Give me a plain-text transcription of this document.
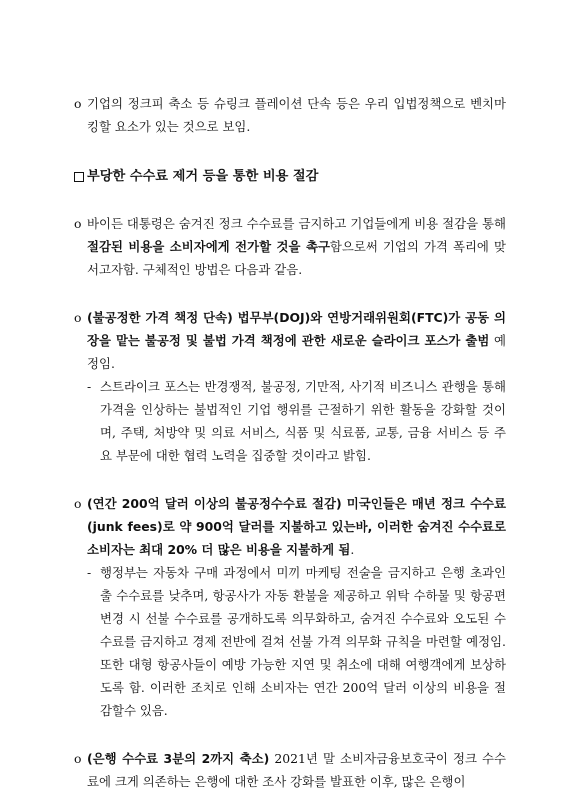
o 기업의 정크피 축소 등 슈링크 플레이션 단속 등은 우리 입법정책으로 벤치마킹할 요소가 있는 것으로 보임.

부당한 수수료 제거 등을 통한 비용 절감

o 바이든 대통령은 숨겨진 정크 수수료를 금지하고 기업들에게 비용 절감을 통해 절감된 비용을 소비자에게 전가할 것을 촉구함으로써 기업의 가격 폭리에 맞서고자함. 구체적인 방법은 다음과 같음.

o (불공정한 가격 책정 단속) 법무부(DOJ)와 연방거래위원회(FTC)가 공동 의장을 맡는 불공정 및 불법 가격 책정에 관한 새로운 슬라이크 포스가 출범 예정임.

- 스트라이크 포스는 반경쟁적, 불공정, 기만적, 사기적 비즈니스 관행을 통해 가격을 인상하는 불법적인 기업 행위를 근절하기 위한 활동을 강화할 것이며, 주택, 처방약 및 의료 서비스, 식품 및 식료품, 교통, 금융 서비스 등 주요 부문에 대한 협력 노력을 집중할 것이라고 밝힘.

o (연간 200억 달러 이상의 불공정수수료 절감) 미국인들은 매년 정크 수수료(junk fees)로 약 900억 달러를 지불하고 있는바, 이러한 숨겨진 수수료로 소비자는 최대 20% 더 많은 비용을 지불하게 됨.

- 행정부는 자동차 구매 과정에서 미끼 마케팅 전술을 금지하고 은행 초과인출 수수료를 낮추며, 항공사가 자동 환불을 제공하고 위탁 수하물 및 항공편 변경 시 선불 수수료를 공개하도록 의무화하고, 숨겨진 수수료와 오도된 수수료를 금지하고 경제 전반에 걸쳐 선불 가격 의무화 규칙을 마련할 예정임. 또한 대형 항공사들이 예방 가능한 지연 및 취소에 대해 여행객에게 보상하도록 함. 이러한 조치로 인해 소비자는 연간 200억 달러 이상의 비용을 절감할수 있음.

o (은행 수수료 3분의 2까지 축소) 2021년 말 소비자금융보호국이 정크 수수료에 크게 의존하는 은행에 대한 조사 강화를 발표한 이후, 많은 은행이
